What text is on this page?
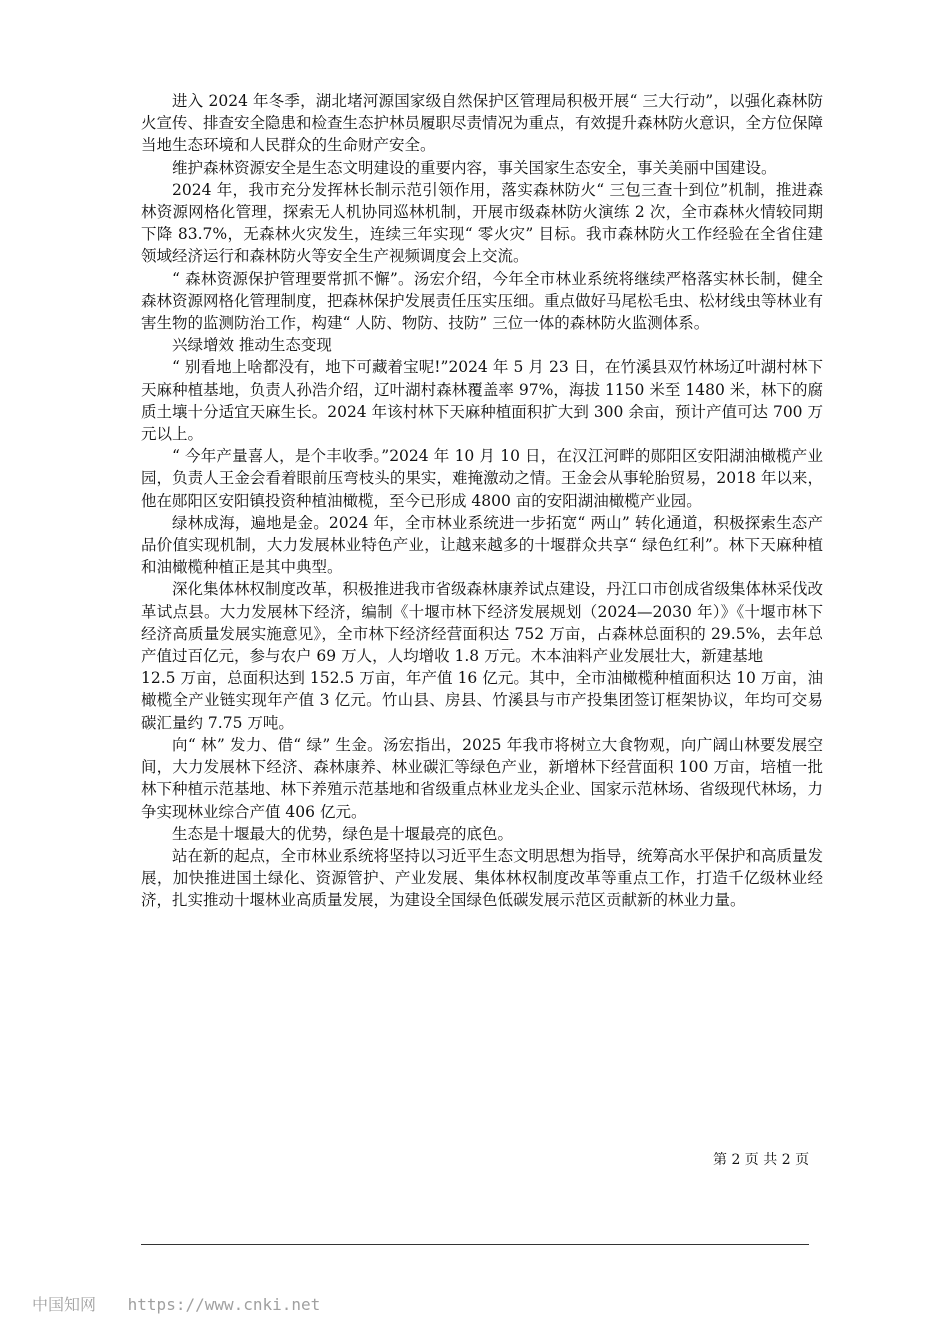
进入 2024 年冬季，湖北堵河源国家级自然保护区管理局积极开展“ 三大行动”，以强化森林防火宣传、排查安全隐患和检查生态护林员履职尽责情况为重点，有效提升森林防火意识，全方位保障当地生态环境和人民群众的生命财产安全。

维护森林资源安全是生态文明建设的重要内容，事关国家生态安全，事关美丽中国建设。

2024 年，我市充分发挥林长制示范引领作用，落实森林防火“ 三包三查十到位”机制，推进森林资源网格化管理，探索无人机协同巡林机制，开展市级森林防火演练 2 次，全市森林火情较同期下降 83.7%，无森林火灾发生，连续三年实现“ 零火灾” 目标。我市森林防火工作经验在全省住建领域经济运行和森林防火等安全生产视频调度会上交流。

“ 森林资源保护管理要常抓不懈”。汤宏介绍，今年全市林业系统将继续严格落实林长制，健全森林资源网格化管理制度，把森林保护发展责任压实压细。重点做好马尾松毛虫、松材线虫等林业有害生物的监测防治工作，构建“ 人防、物防、技防” 三位一体的森林防火监测体系。

兴绿增效 推动生态变现

“ 别看地上啥都没有，地下可藏着宝呢!”2024 年 5 月 23 日，在竹溪县双竹林场辽叶湖村林下天麻种植基地，负责人孙浩介绍，辽叶湖村森林覆盖率 97%，海拔 1150 米至 1480 米，林下的腐质土壤十分适宜天麻生长。2024 年该村林下天麻种植面积扩大到 300 余亩，预计产值可达 700 万元以上。

“ 今年产量喜人，是个丰收季。”2024 年 10 月 10 日，在汉江河畔的郧阳区安阳湖油橄榄产业园，负责人王金会看着眼前压弯枝头的果实，难掩激动之情。王金会从事轮胎贸易，2018 年以来，他在郧阳区安阳镇投资种植油橄榄，至今已形成 4800 亩的安阳湖油橄榄产业园。

绿林成海，遍地是金。2024 年，全市林业系统进一步拓宽“ 两山” 转化通道，积极探索生态产品价值实现机制，大力发展林业特色产业，让越来越多的十堰群众共享“ 绿色红利”。林下天麻种植和油橄榄种植正是其中典型。

深化集体林权制度改革，积极推进我市省级森林康养试点建设，丹江口市创成省级集体林采伐改革试点县。大力发展林下经济，编制《十堰市林下经济发展规划（2024—2030 年）》《十堰市林下经济高质量发展实施意见》，全市林下经济经营面积达 752 万亩，占森林总面积的 29.5%，去年总产值过百亿元，参与农户 69 万人，人均增收 1.8 万元。木本油料产业发展壮大，新建基地
12.5 万亩，总面积达到 152.5 万亩，年产值 16 亿元。其中，全市油橄榄种植面积达 10 万亩，油橄榄全产业链实现年产值 3 亿元。竹山县、房县、竹溪县与市产投集团签订框架协议，年均可交易碳汇量约 7.75 万吨。

向“ 林” 发力、借“ 绿” 生金。汤宏指出，2025 年我市将树立大食物观，向广阔山林要发展空间，大力发展林下经济、森林康养、林业碳汇等绿色产业，新增林下经营面积 100 万亩，培植一批林下种植示范基地、林下养殖示范基地和省级重点林业龙头企业、国家示范林场、省级现代林场，力争实现林业综合产值 406 亿元。

生态是十堰最大的优势，绿色是十堰最亮的底色。

站在新的起点，全市林业系统将坚持以习近平生态文明思想为指导，统筹高水平保护和高质量发展，加快推进国土绿化、资源管护、产业发展、集体林权制度改革等重点工作，打造千亿级林业经济，扎实推动十堰林业高质量发展，为建设全国绿色低碳发展示范区贡献新的林业力量。

第 2 页 共 2 页
中国知网 https://www.cnki.net
